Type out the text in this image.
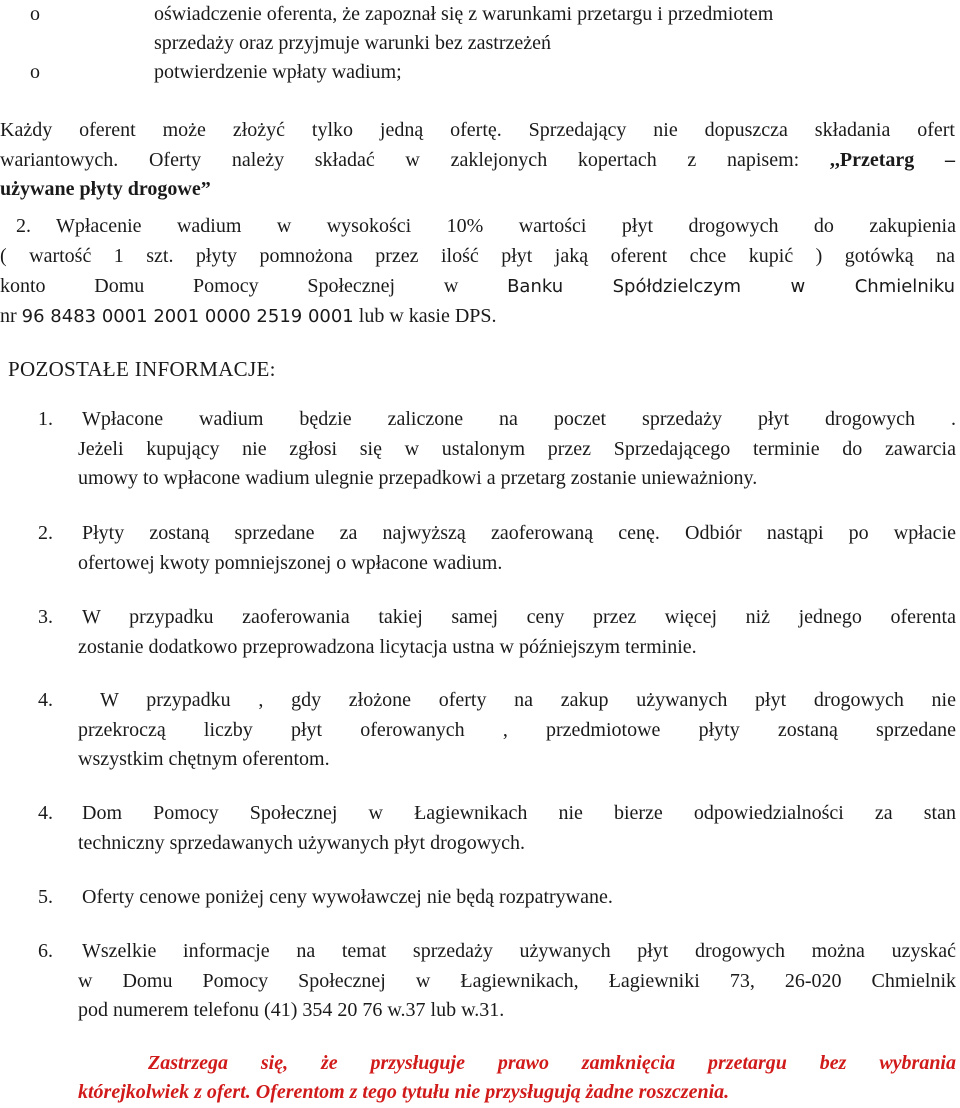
o	oświadczenie oferenta, że zapoznał się z warunkami przetargu i przedmiotem
sprzedaży oraz przyjmuje warunki bez zastrzeżeń
o	potwierdzenie wpłaty wadium;
Każdy oferent może złożyć tylko jedną ofertę. Sprzedający nie dopuszcza składania ofert
wariantowych. Oferty należy składać w zaklejonych kopertach z napisem: ,,Przetarg –
używane płyty drogowe”
2. Wpłacenie wadium w wysokości 10% wartości płyt drogowych do zakupienia
( wartość 1 szt. płyty pomnożona przez ilość płyt jaką oferent chce kupić ) gotówką na
konto Domu Pomocy Społecznej w Banku Spółdzielczym w Chmielniku
nr 96 8483 0001 2001 0000 2519 0001 lub w kasie DPS.
POZOSTAŁE INFORMACJE:
1. Wpłacone wadium będzie zaliczone na poczet sprzedaży płyt drogowych .
Jeżeli kupujący nie zgłosi się w ustalonym przez Sprzedającego terminie do zawarcia
umowy to wpłacone wadium ulegnie przepadkowi a przetarg zostanie unieważniony.
2. Płyty zostaną sprzedane za najwyższą zaoferowaną cenę. Odbiór nastąpi po wpłacie
ofertowej kwoty pomniejszonej o wpłacone wadium.
3. W przypadku zaoferowania takiej samej ceny przez więcej niż jednego oferenta
zostanie dodatkowo przeprowadzona licytacja ustna w późniejszym terminie.
4. W przypadku , gdy złożone oferty na zakup używanych płyt drogowych nie
przekroczą liczby płyt oferowanych , przedmiotowe płyty zostaną sprzedane
wszystkim chętnym oferentom.
4. Dom Pomocy Społecznej w Łagiewnikach nie bierze odpowiedzialności za stan
techniczny sprzedawanych używanych płyt drogowych.
5. Oferty cenowe poniżej ceny wywoławczej nie będą rozpatrywane.
6. Wszelkie informacje na temat sprzedaży używanych płyt drogowych można uzyskać
w Domu Pomocy Społecznej w Łagiewnikach, Łagiewniki 73, 26-020 Chmielnik
pod numerem telefonu (41) 354 20 76 w.37 lub w.31.
Zastrzega się, że przysługuje prawo zamknięcia przetargu bez wybrania
którejkolwiek z ofert. Oferentom z tego tytułu nie przysługują żadne roszczenia.
